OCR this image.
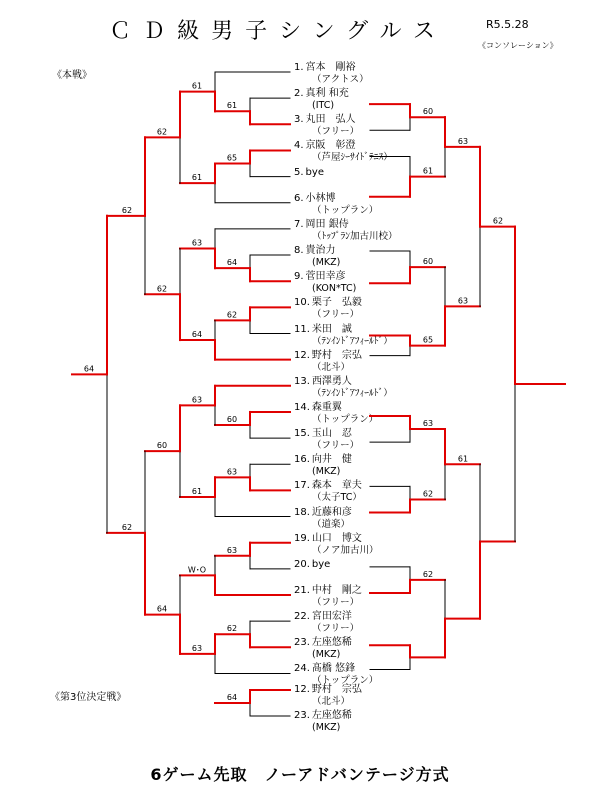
ＣＤ級男子シングルス	R5.5.28
《コンソレーション》
《本戦》
《第3位決定戦》
1. 宮本　剛裕
（アクトス）
2. 真利 和充
(ITC)
3. 丸田　弘人
（フリー）
4. 京阪　彰澄
（芦屋ｼｰｻｲﾄﾞﾃﾆｽ）
5. bye
6. 小林博
（トップラン）
7. 岡田 銀侍
（ﾄｯﾌﾟﾗﾝ加古川校）
8. 貴治力
(MKZ)
9. 菅田幸彦
(KON*TC)
10. 栗子　弘毅
（フリー）
11. 米田　誠
（ﾃﾝｲﾝﾄﾞｱﾌｨｰﾙﾄﾞ）
12. 野村　宗弘
（北斗）
13. 西澤勇人
（ﾃﾝｲﾝﾄﾞｱﾌｨｰﾙﾄﾞ）
14. 森重翼
（トップラン）
15. 玉山　忍
（フリー）
16. 向井　健
(MKZ)
17. 森本　章夫
（太子TC）
18. 近藤和彦
（道楽）
19. 山口　博文
（ノア加古川）
20. bye
21. 中村　剛之
（フリー）
22. 宮田宏洋
（フリー）
23. 左座悠稀
(MKZ)
24. 髙橋 悠鋒
（トップラン）
12. 野村　宗弘
（北斗）
23. 左座悠稀
(MKZ)
61
61
65
61
62
64
63
62
64
62
62
60
63
63
61
60
63
W･O
62
63
64
62
64
60
61
63
60
65
63
62
63
62
61
62
64
6ゲーム先取　ノーアドバンテージ方式
